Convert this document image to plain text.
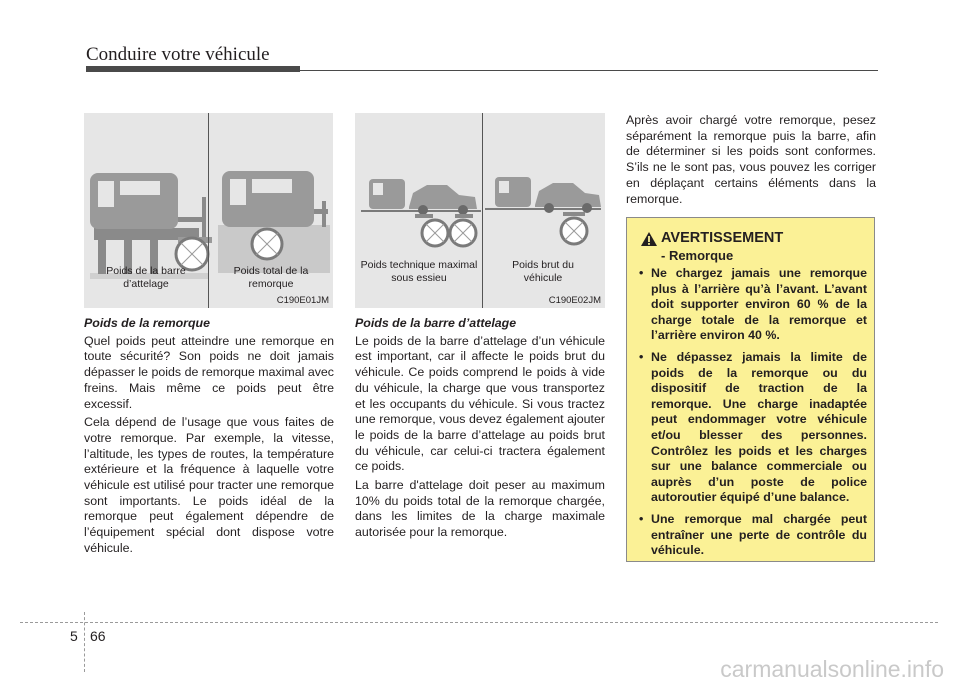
Conduire votre véhicule
Poids de la barre d’attelage
Poids total de la remorque
C190E01JM
Poids technique maximal sous essieu
Poids brut du véhicule
C190E02JM
Poids de la remorque

Quel poids peut atteindre une remorque en toute sécurité? Son poids ne doit jamais dépasser le poids de remorque maximal avec freins. Mais même ce poids peut être excessif.

Cela dépend de l’usage que vous faites de votre remorque. Par exemple, la vitesse, l’altitude, les types de routes, la température extérieure et la fréquence à laquelle votre véhicule est utilisé pour tracter une remorque sont importants. Le poids idéal de la remorque peut également dépendre de l’équipement spécial dont dispose votre véhicule.

Poids de la barre d’attelage

Le poids de la barre d’attelage d’un véhicule est important, car il affecte le poids brut du véhicule. Ce poids comprend le poids à vide du véhicule, la charge que vous transportez et les occupants du véhicule. Si vous tractez une remorque, vous devez également ajouter le poids de la barre d’attelage au poids brut du véhicule, car celui-ci tractera également ce poids.

La barre d'attelage doit peser au maximum 10% du poids total de la remorque chargée, dans les limites de la charge maximale autorisée pour la remorque.

Après avoir chargé votre remorque, pesez séparément la remorque puis la barre, afin de déterminer si les poids sont conformes. S’ils ne le sont pas, vous pouvez les corriger en déplaçant certains éléments dans la remorque.

AVERTISSEMENT
- Remorque
• Ne chargez jamais une remorque plus à l’arrière qu’à l’avant. L’avant doit supporter environ 60 % de la charge totale de la remorque et l’arrière environ 40 %.
• Ne dépassez jamais la limite de poids de la remorque ou du dispositif de traction de la remorque. Une charge inadaptée peut endommager votre véhicule et/ou blesser des personnes. Contrôlez les poids et les charges sur une balance commerciale ou auprès d’un poste de police autoroutier équipé d’une balance.
• Une remorque mal chargée peut entraîner une perte de contrôle du véhicule.
5 66
carmanualsonline.info
